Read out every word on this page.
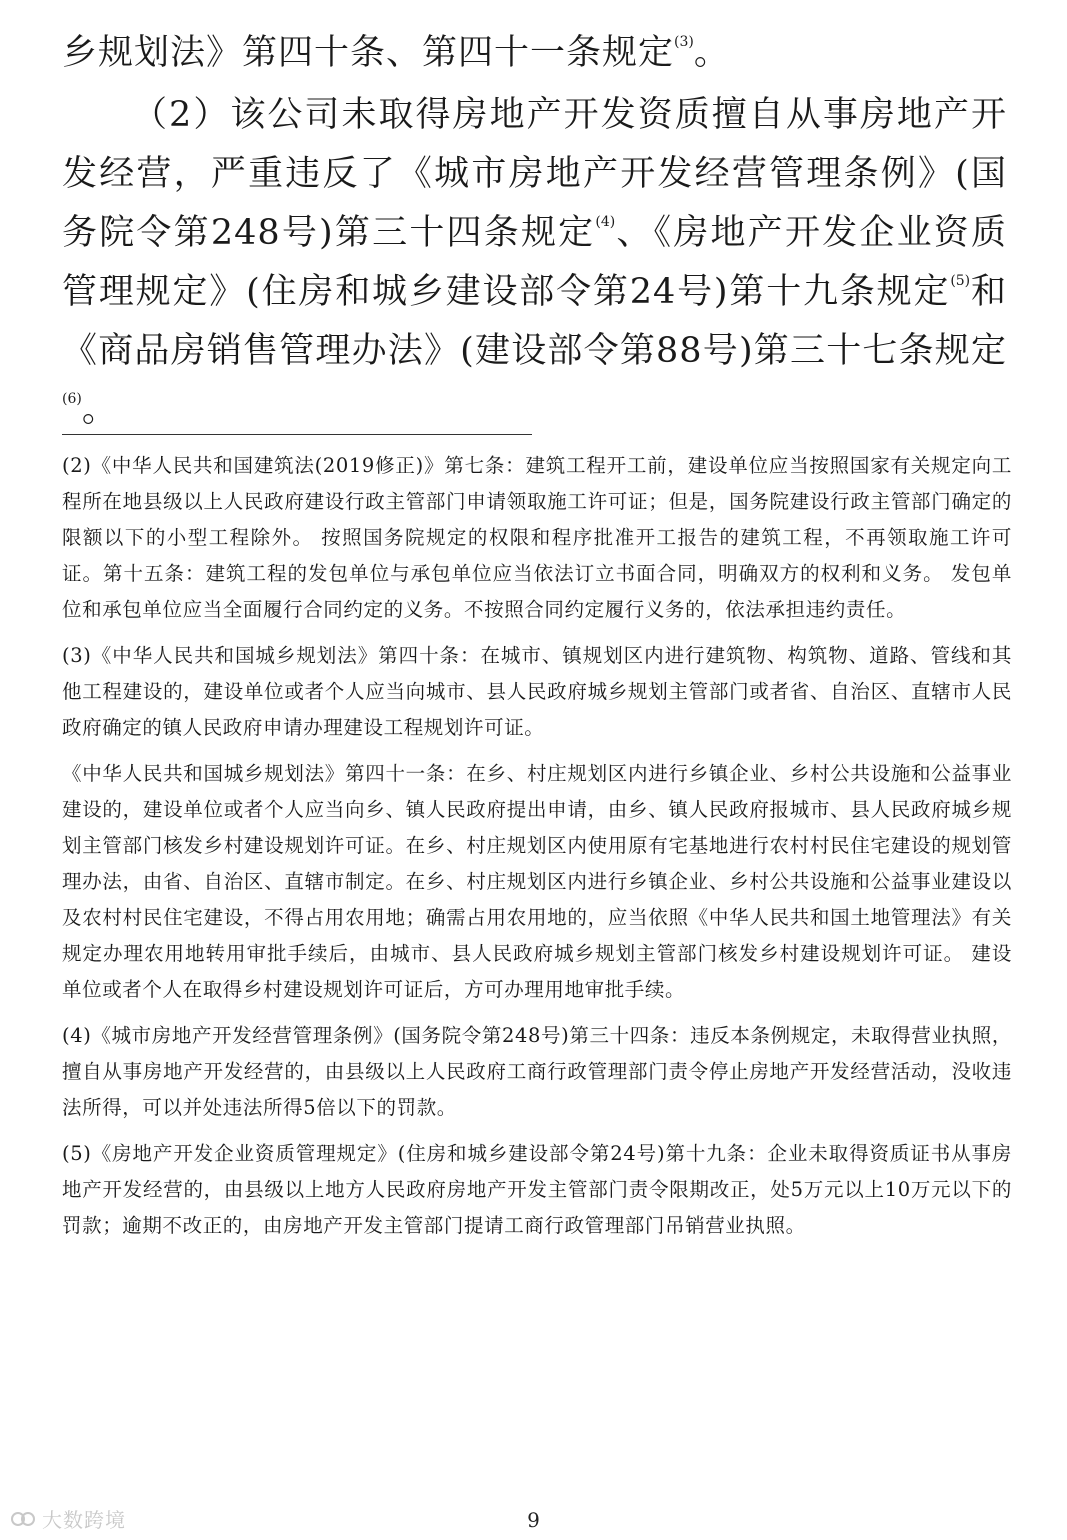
乡规划法》第四十条、第四十一条规定$^{(3)}$。

（2）该公司未取得房地产开发资质擅自从事房地产开发经营，严重违反了《城市房地产开发经营管理条例》(国务院令第248号)第三十四条规定$^{(4)}$、《房地产开发企业资质管理规定》(住房和城乡建设部令第24号)第十九条规定$^{(5)}$和《商品房销售管理办法》(建设部令第88号)第三十七条规定$^{(6)}$。

(2)《中华人民共和国建筑法(2019修正)》第七条：建筑工程开工前，建设单位应当按照国家有关规定向工程所在地县级以上人民政府建设行政主管部门申请领取施工许可证；但是，国务院建设行政主管部门确定的限额以下的小型工程除外。 按照国务院规定的权限和程序批准开工报告的建筑工程，不再领取施工许可证。第十五条：建筑工程的发包单位与承包单位应当依法订立书面合同，明确双方的权利和义务。 发包单位和承包单位应当全面履行合同约定的义务。不按照合同约定履行义务的，依法承担违约责任。

(3)《中华人民共和国城乡规划法》第四十条：在城市、镇规划区内进行建筑物、构筑物、道路、管线和其他工程建设的，建设单位或者个人应当向城市、县人民政府城乡规划主管部门或者省、自治区、直辖市人民政府确定的镇人民政府申请办理建设工程规划许可证。

《中华人民共和国城乡规划法》第四十一条：在乡、村庄规划区内进行乡镇企业、乡村公共设施和公益事业建设的，建设单位或者个人应当向乡、镇人民政府提出申请，由乡、镇人民政府报城市、县人民政府城乡规划主管部门核发乡村建设规划许可证。在乡、村庄规划区内使用原有宅基地进行农村村民住宅建设的规划管理办法，由省、自治区、直辖市制定。在乡、村庄规划区内进行乡镇企业、乡村公共设施和公益事业建设以及农村村民住宅建设，不得占用农用地；确需占用农用地的，应当依照《中华人民共和国土地管理法》有关规定办理农用地转用审批手续后，由城市、县人民政府城乡规划主管部门核发乡村建设规划许可证。 建设单位或者个人在取得乡村建设规划许可证后，方可办理用地审批手续。

(4)《城市房地产开发经营管理条例》(国务院令第248号)第三十四条：违反本条例规定，未取得营业执照，擅自从事房地产开发经营的，由县级以上人民政府工商行政管理部门责令停止房地产开发经营活动，没收违法所得，可以并处违法所得5倍以下的罚款。

(5)《房地产开发企业资质管理规定》(住房和城乡建设部令第24号)第十九条：企业未取得资质证书从事房地产开发经营的，由县级以上地方人民政府房地产开发主管部门责令限期改正，处5万元以上10万元以下的罚款；逾期不改正的，由房地产开发主管部门提请工商行政管理部门吊销营业执照。

大数跨境	9
